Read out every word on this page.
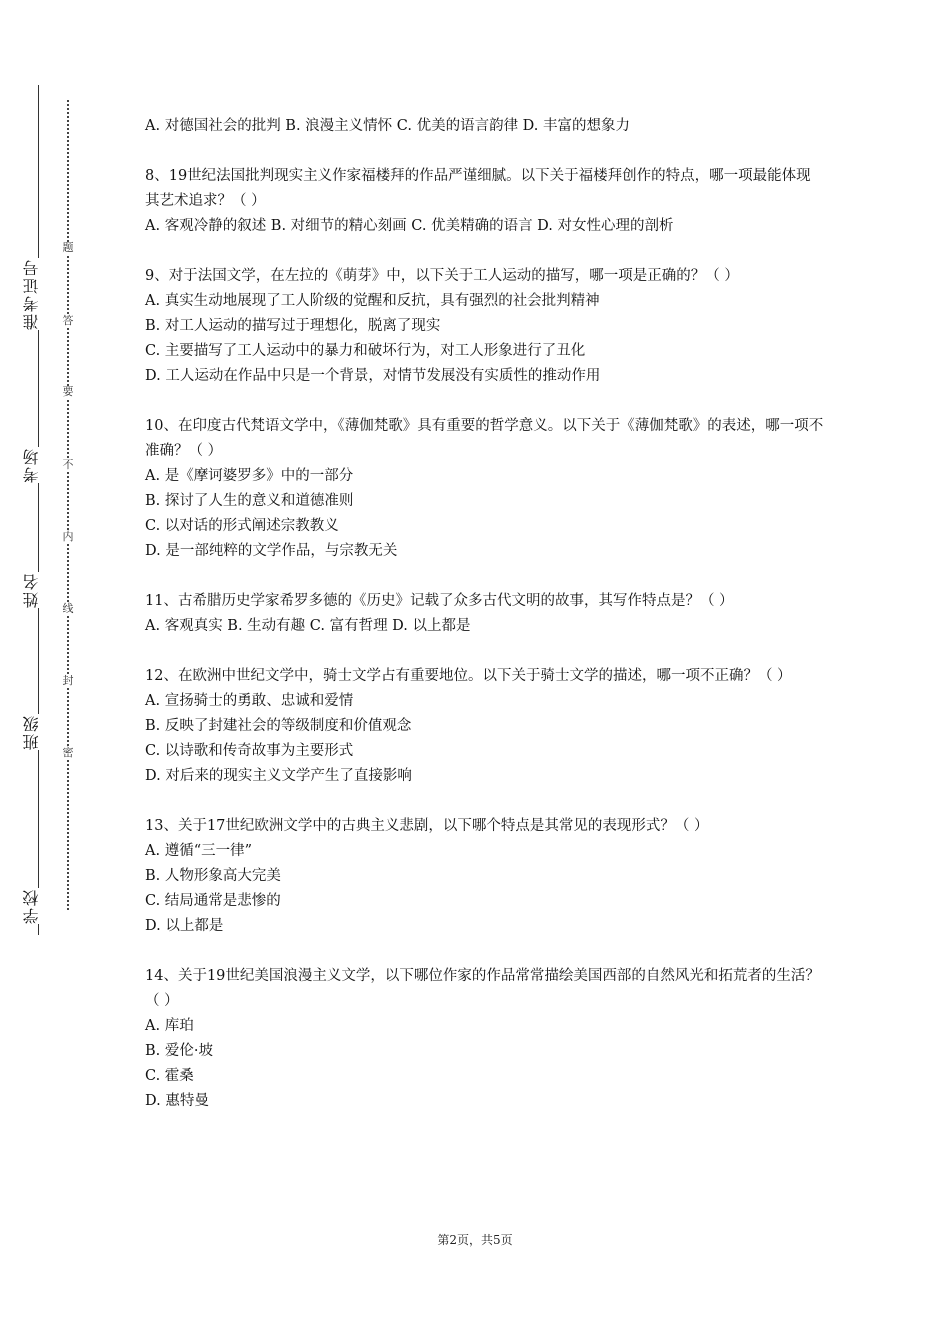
准考证号
考场
姓名
班级
学校
题
答
要
不
内
线
封
密
A. 对德国社会的批判 B. 浪漫主义情怀 C. 优美的语言韵律 D. 丰富的想象力

8、19世纪法国批判现实主义作家福楼拜的作品严谨细腻。以下关于福楼拜创作的特点，哪一项最能体现其艺术追求？（ ）

A. 客观冷静的叙述 B. 对细节的精心刻画 C. 优美精确的语言 D. 对女性心理的剖析

9、对于法国文学，在左拉的《萌芽》中，以下关于工人运动的描写，哪一项是正确的？（ ）

A. 真实生动地展现了工人阶级的觉醒和反抗，具有强烈的社会批判精神
B. 对工人运动的描写过于理想化，脱离了现实
C. 主要描写了工人运动中的暴力和破坏行为，对工人形象进行了丑化
D. 工人运动在作品中只是一个背景，对情节发展没有实质性的推动作用

10、在印度古代梵语文学中，《薄伽梵歌》具有重要的哲学意义。以下关于《薄伽梵歌》的表述，哪一项不准确？（ ）

A. 是《摩诃婆罗多》中的一部分
B. 探讨了人生的意义和道德准则
C. 以对话的形式阐述宗教教义
D. 是一部纯粹的文学作品，与宗教无关

11、古希腊历史学家希罗多德的《历史》记载了众多古代文明的故事，其写作特点是？（ ）

A. 客观真实 B. 生动有趣 C. 富有哲理 D. 以上都是

12、在欧洲中世纪文学中，骑士文学占有重要地位。以下关于骑士文学的描述，哪一项不正确？（ ）

A. 宣扬骑士的勇敢、忠诚和爱情
B. 反映了封建社会的等级制度和价值观念
C. 以诗歌和传奇故事为主要形式
D. 对后来的现实主义文学产生了直接影响

13、关于17世纪欧洲文学中的古典主义悲剧，以下哪个特点是其常见的表现形式？（ ）

A. 遵循“三一律”
B. 人物形象高大完美
C. 结局通常是悲惨的
D. 以上都是

14、关于19世纪美国浪漫主义文学，以下哪位作家的作品常常描绘美国西部的自然风光和拓荒者的生活？（ ）

A. 库珀
B. 爱伦·坡
C. 霍桑
D. 惠特曼
第2页，共5页
